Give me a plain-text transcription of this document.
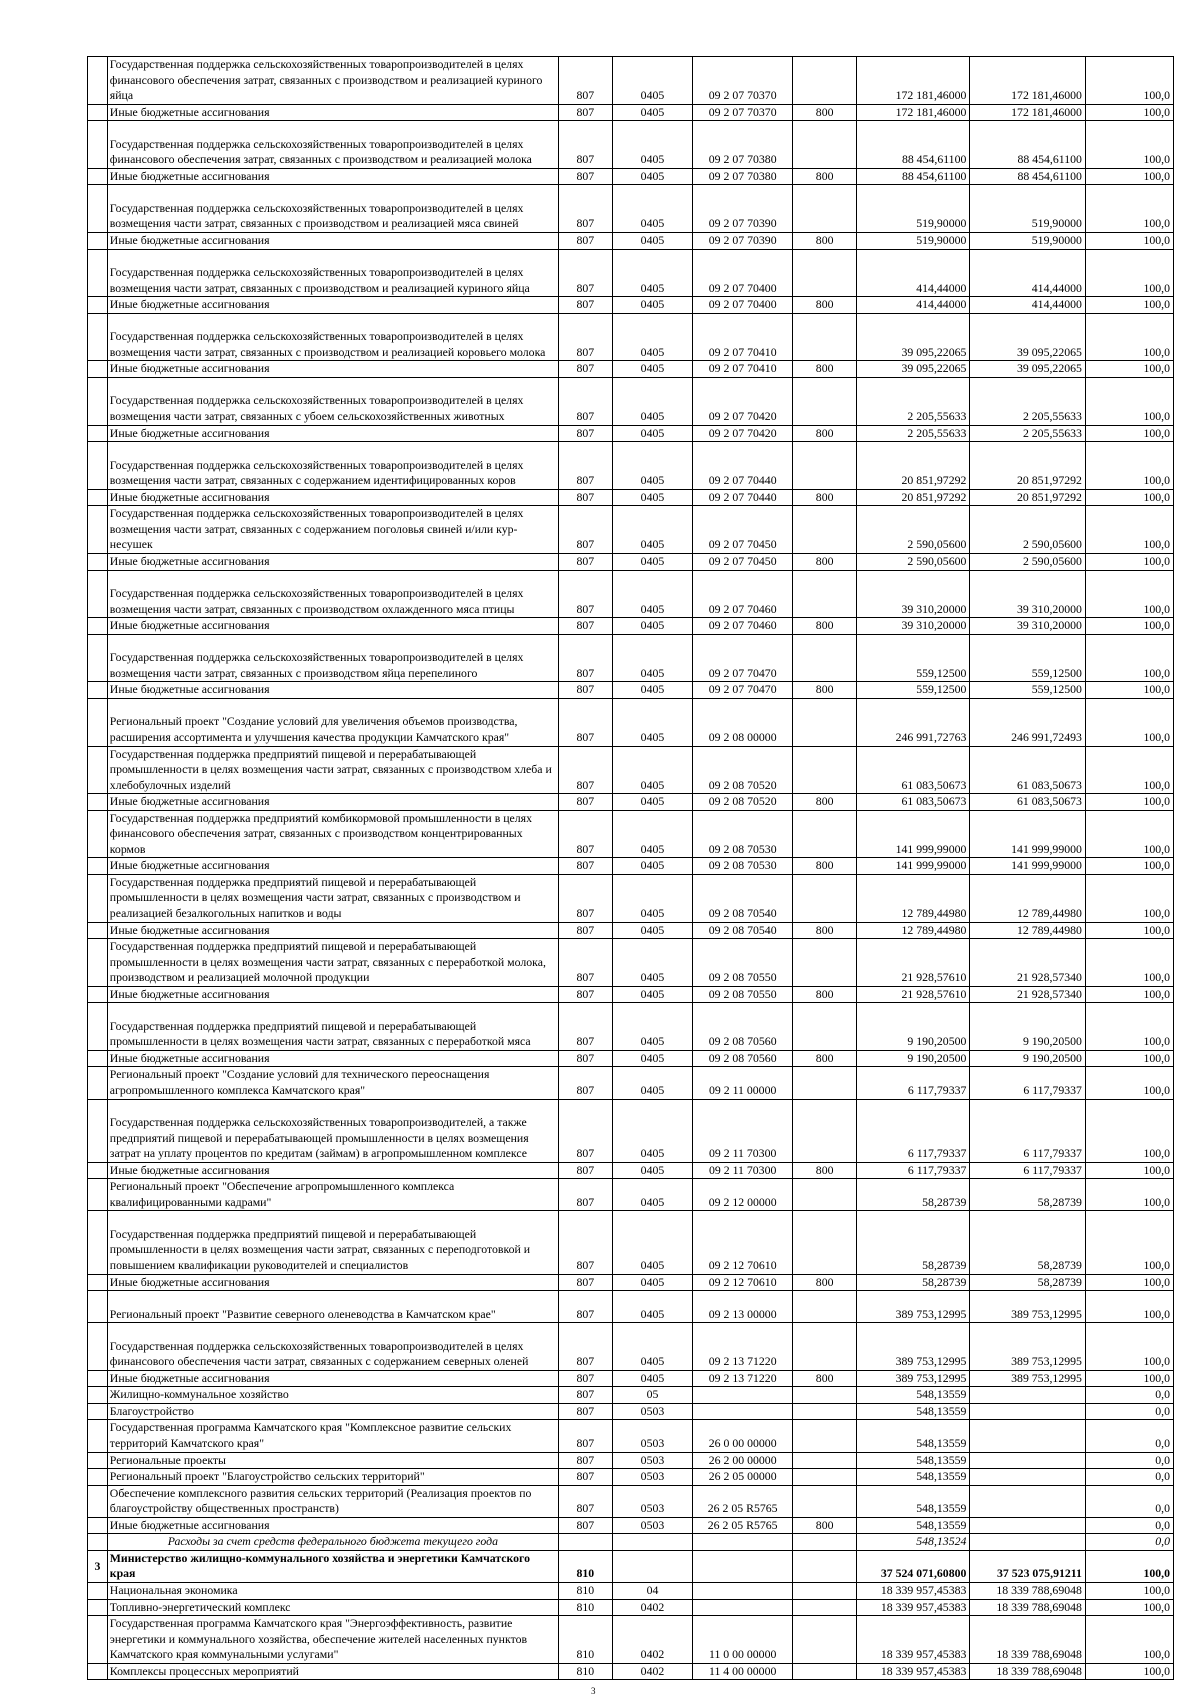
	Государственная поддержка сельскохозяйственных товаропроизводителей в целях финансового обеспечения затрат, связанных с производством и реализацией куриного яйца	807	0405	09 2 07 70370		172 181,46000	172 181,46000	100,0
	Иные бюджетные ассигнования	807	0405	09 2 07 70370	800	172 181,46000	172 181,46000	100,0
	Государственная поддержка сельскохозяйственных товаропроизводителей в целях финансового обеспечения затрат, связанных с производством и реализацией молока	807	0405	09 2 07 70380		88 454,61100	88 454,61100	100,0
	Иные бюджетные ассигнования	807	0405	09 2 07 70380	800	88 454,61100	88 454,61100	100,0
	Государственная поддержка сельскохозяйственных товаропроизводителей в целях возмещения части затрат, связанных с производством и реализацией мяса свиней	807	0405	09 2 07 70390		519,90000	519,90000	100,0
	Иные бюджетные ассигнования	807	0405	09 2 07 70390	800	519,90000	519,90000	100,0
	Государственная поддержка сельскохозяйственных товаропроизводителей в целях возмещения части затрат, связанных с производством и реализацией куриного яйца	807	0405	09 2 07 70400		414,44000	414,44000	100,0
	Иные бюджетные ассигнования	807	0405	09 2 07 70400	800	414,44000	414,44000	100,0
	Государственная поддержка сельскохозяйственных товаропроизводителей в целях возмещения части затрат, связанных с производством и реализацией коровьего молока	807	0405	09 2 07 70410		39 095,22065	39 095,22065	100,0
	Иные бюджетные ассигнования	807	0405	09 2 07 70410	800	39 095,22065	39 095,22065	100,0
	Государственная поддержка сельскохозяйственных товаропроизводителей в целях возмещения части затрат, связанных с убоем сельскохозяйственных животных	807	0405	09 2 07 70420		2 205,55633	2 205,55633	100,0
	Иные бюджетные ассигнования	807	0405	09 2 07 70420	800	2 205,55633	2 205,55633	100,0
	Государственная поддержка сельскохозяйственных товаропроизводителей в целях возмещения части затрат, связанных с содержанием идентифицированных коров	807	0405	09 2 07 70440		20 851,97292	20 851,97292	100,0
	Иные бюджетные ассигнования	807	0405	09 2 07 70440	800	20 851,97292	20 851,97292	100,0
	Государственная поддержка сельскохозяйственных товаропроизводителей в целях возмещения части затрат, связанных с содержанием поголовья свиней и/или кур-несушек	807	0405	09 2 07 70450		2 590,05600	2 590,05600	100,0
	Иные бюджетные ассигнования	807	0405	09 2 07 70450	800	2 590,05600	2 590,05600	100,0
	Государственная поддержка сельскохозяйственных товаропроизводителей в целях возмещения части затрат, связанных с производством охлажденного мяса птицы	807	0405	09 2 07 70460		39 310,20000	39 310,20000	100,0
	Иные бюджетные ассигнования	807	0405	09 2 07 70460	800	39 310,20000	39 310,20000	100,0
	Государственная поддержка сельскохозяйственных товаропроизводителей в целях возмещения части затрат, связанных с производством яйца перепелиного	807	0405	09 2 07 70470		559,12500	559,12500	100,0
	Иные бюджетные ассигнования	807	0405	09 2 07 70470	800	559,12500	559,12500	100,0
	Региональный проект "Создание условий для увеличения объемов производства, расширения ассортимента и улучшения качества продукции Камчатского края"	807	0405	09 2 08 00000		246 991,72763	246 991,72493	100,0
	Государственная поддержка предприятий пищевой и перерабатывающей промышленности в целях возмещения части затрат, связанных с производством хлеба и хлебобулочных изделий	807	0405	09 2 08 70520		61 083,50673	61 083,50673	100,0
	Иные бюджетные ассигнования	807	0405	09 2 08 70520	800	61 083,50673	61 083,50673	100,0
	Государственная поддержка предприятий комбикормовой промышленности в целях финансового обеспечения затрат, связанных с производством концентрированных кормов	807	0405	09 2 08 70530		141 999,99000	141 999,99000	100,0
	Иные бюджетные ассигнования	807	0405	09 2 08 70530	800	141 999,99000	141 999,99000	100,0
	Государственная поддержка предприятий пищевой и перерабатывающей промышленности в целях возмещения части затрат, связанных с производством и реализацией безалкогольных напитков и воды	807	0405	09 2 08 70540		12 789,44980	12 789,44980	100,0
	Иные бюджетные ассигнования	807	0405	09 2 08 70540	800	12 789,44980	12 789,44980	100,0
	Государственная поддержка предприятий пищевой и перерабатывающей промышленности в целях возмещения части затрат, связанных с переработкой молока, производством и реализацией молочной продукции	807	0405	09 2 08 70550		21 928,57610	21 928,57340	100,0
	Иные бюджетные ассигнования	807	0405	09 2 08 70550	800	21 928,57610	21 928,57340	100,0
	Государственная поддержка предприятий пищевой и перерабатывающей промышленности в целях возмещения части затрат, связанных с переработкой мяса	807	0405	09 2 08 70560		9 190,20500	9 190,20500	100,0
	Иные бюджетные ассигнования	807	0405	09 2 08 70560	800	9 190,20500	9 190,20500	100,0
	Региональный проект "Создание условий для технического переоснащения агропромышленного комплекса Камчатского края"	807	0405	09 2 11 00000		6 117,79337	6 117,79337	100,0
	Государственная поддержка сельскохозяйственных товаропроизводителей, а также предприятий пищевой и перерабатывающей промышленности в целях возмещения затрат на уплату процентов по кредитам (займам) в агропромышленном комплексе	807	0405	09 2 11 70300		6 117,79337	6 117,79337	100,0
	Иные бюджетные ассигнования	807	0405	09 2 11 70300	800	6 117,79337	6 117,79337	100,0
	Региональный проект "Обеспечение агропромышленного комплекса квалифицированными кадрами"	807	0405	09 2 12 00000		58,28739	58,28739	100,0
	Государственная поддержка предприятий пищевой и перерабатывающей промышленности в целях возмещения части затрат, связанных с переподготовкой и повышением квалификации руководителей и специалистов	807	0405	09 2 12 70610		58,28739	58,28739	100,0
	Иные бюджетные ассигнования	807	0405	09 2 12 70610	800	58,28739	58,28739	100,0
	Региональный проект "Развитие северного оленеводства в Камчатском крае"	807	0405	09 2 13 00000		389 753,12995	389 753,12995	100,0
	Государственная поддержка сельскохозяйственных товаропроизводителей в целях финансового обеспечения части затрат, связанных с содержанием северных оленей	807	0405	09 2 13 71220		389 753,12995	389 753,12995	100,0
	Иные бюджетные ассигнования	807	0405	09 2 13 71220	800	389 753,12995	389 753,12995	100,0
	Жилищно-коммунальное хозяйство	807	05			548,13559		0,0
	Благоустройство	807	0503			548,13559		0,0
	Государственная программа Камчатского края "Комплексное развитие сельских территорий Камчатского края"	807	0503	26 0 00 00000		548,13559		0,0
	Региональные проекты	807	0503	26 2 00 00000		548,13559		0,0
	Региональный проект "Благоустройство сельских территорий"	807	0503	26 2 05 00000		548,13559		0,0
	Обеспечение комплексного развития сельских территорий (Реализация проектов по благоустройству общественных пространств)	807	0503	26 2 05 R5765		548,13559		0,0
	Иные бюджетные ассигнования	807	0503	26 2 05 R5765	800	548,13559		0,0
	Расходы за счет средств федерального бюджета текущего года					548,13524		0,0
3	Министерство жилищно-коммунального хозяйства и энергетики Камчатского края	810				37 524 071,60800	37 523 075,91211	100,0
	Национальная экономика	810	04			18 339 957,45383	18 339 788,69048	100,0
	Топливно-энергетический комплекс	810	0402			18 339 957,45383	18 339 788,69048	100,0
	Государственная программа Камчатского края "Энергоэффективность, развитие энергетики и коммунального хозяйства, обеспечение жителей населенных пунктов Камчатского края коммунальными услугами"	810	0402	11 0 00 00000		18 339 957,45383	18 339 788,69048	100,0
	Комплексы процессных мероприятий	810	0402	11 4 00 00000		18 339 957,45383	18 339 788,69048	100,0
3
